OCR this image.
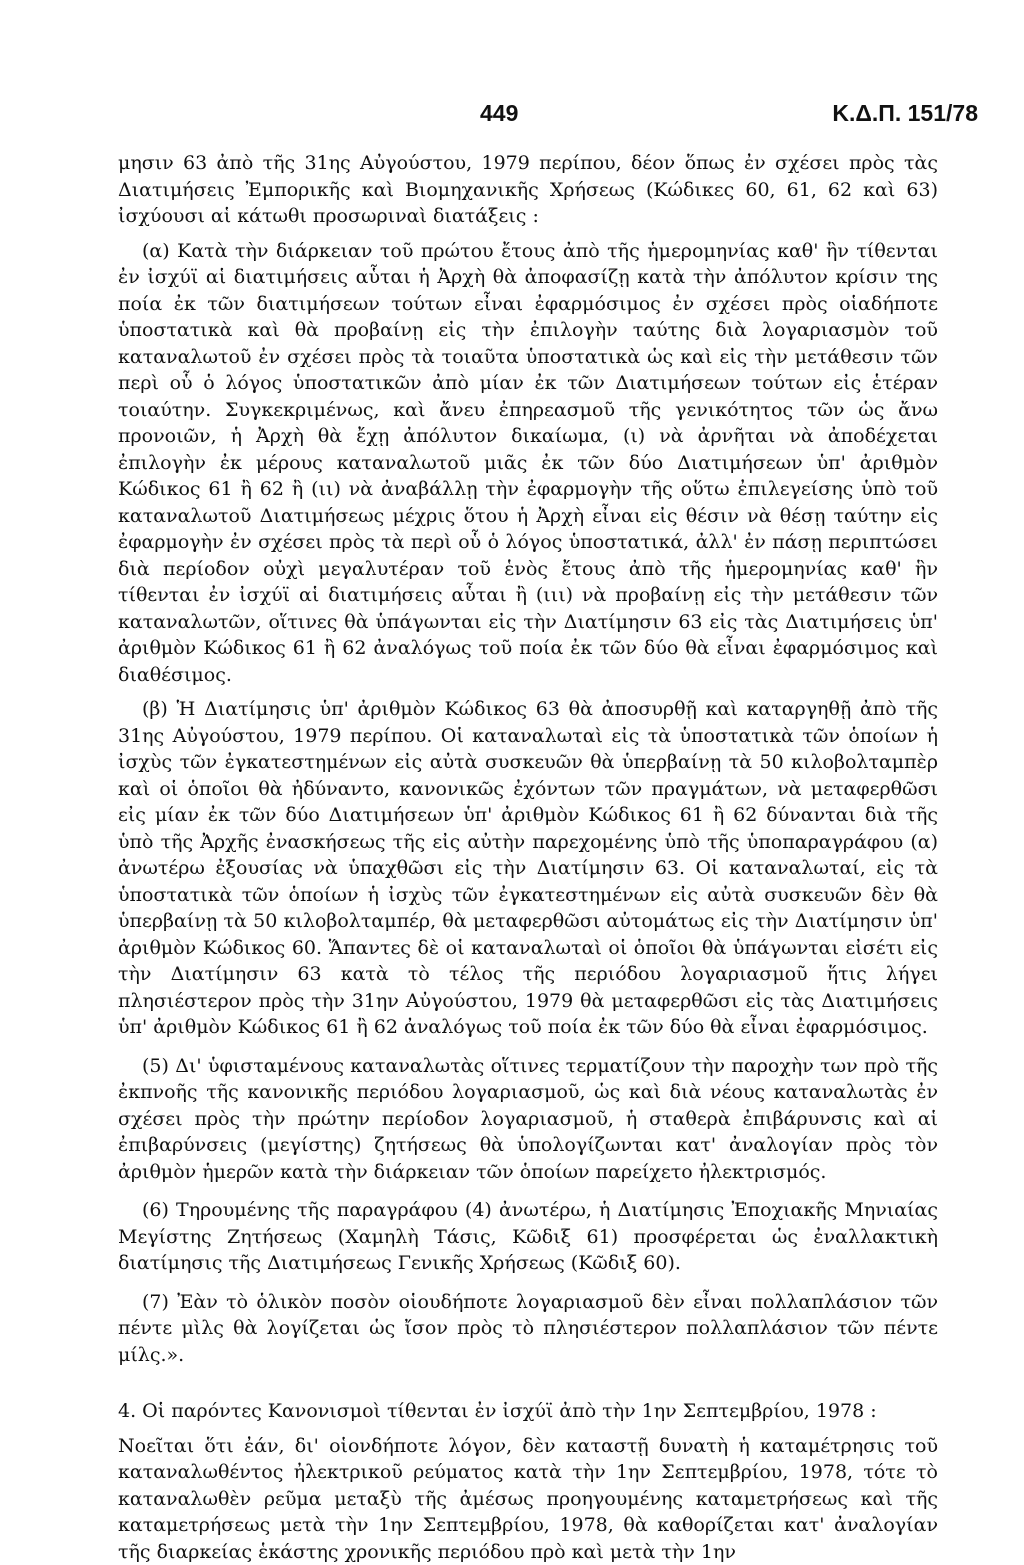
449	Κ.Δ.Π. 151/78

μησιν 63 ἀπὸ τῆς 31ης Αὐγούστου, 1979 περίπου, δέον ὅπως ἐν σχέσει πρὸς τὰς Διατιμήσεις Ἐμπορικῆς καὶ Βιομηχανικῆς Χρήσεως (Κώδικες 60, 61, 62 καὶ 63) ἰσχύουσι αἱ κάτωθι προσωριναὶ διατάξεις :

(α) Κατὰ τὴν διάρκειαν τοῦ πρώτου ἔτους ἀπὸ τῆς ἡμερομηνίας καθ' ἣν τίθενται ἐν ἰσχύϊ αἱ διατιμήσεις αὗται ἡ Ἀρχὴ θὰ ἀποφασίζῃ κατὰ τὴν ἀπόλυτον κρίσιν της ποία ἐκ τῶν διατιμήσεων τούτων εἶναι ἐφαρμόσιμος ἐν σχέσει πρὸς οἱαδήποτε ὑποστατικὰ καὶ θὰ προβαίνῃ εἰς τὴν ἐπιλογὴν ταύτης διὰ λογαριασμὸν τοῦ καταναλωτοῦ ἐν σχέσει πρὸς τὰ τοιαῦτα ὑποστατικὰ ὡς καὶ εἰς τὴν μετάθεσιν τῶν περὶ οὗ ὁ λόγος ὑποστατικῶν ἀπὸ μίαν ἐκ τῶν Διατιμήσεων τούτων εἰς ἑτέραν τοιαύτην. Συγκεκριμένως, καὶ ἄνευ ἐπηρεασμοῦ τῆς γενικότητος τῶν ὡς ἄνω προνοιῶν, ἡ Ἀρχὴ θὰ ἔχῃ ἀπόλυτον δικαίωμα, (ι) νὰ ἀρνῆται νὰ ἀποδέχεται ἐπιλογὴν ἐκ μέρους καταναλωτοῦ μιᾶς ἐκ τῶν δύο Διατιμήσεων ὑπ' ἀριθμὸν Κώδικος 61 ἢ 62 ἢ (ιι) νὰ ἀναβάλλῃ τὴν ἐφαρμογὴν τῆς οὕτω ἐπιλεγείσης ὑπὸ τοῦ καταναλωτοῦ Διατιμήσεως μέχρις ὅτου ἡ Ἀρχὴ εἶναι εἰς θέσιν νὰ θέσῃ ταύτην εἰς ἐφαρμογὴν ἐν σχέσει πρὸς τὰ περὶ οὗ ὁ λόγος ὑποστατικά, ἀλλ' ἐν πάσῃ περιπτώσει διὰ περίοδον οὐχὶ μεγαλυτέραν τοῦ ἑνὸς ἔτους ἀπὸ τῆς ἡμερομηνίας καθ' ἣν τίθενται ἐν ἰσχύϊ αἱ διατιμήσεις αὗται ἢ (ιιι) νὰ προβαίνῃ εἰς τὴν μετάθεσιν τῶν καταναλωτῶν, οἵτινες θὰ ὑπάγωνται εἰς τὴν Διατίμησιν 63 εἰς τὰς Διατιμήσεις ὑπ' ἀριθμὸν Κώδικος 61 ἢ 62 ἀναλόγως τοῦ ποία ἐκ τῶν δύο θὰ εἶναι ἐφαρμόσιμος καὶ διαθέσιμος.

(β) Ἡ Διατίμησις ὑπ' ἀριθμὸν Κώδικος 63 θὰ ἀποσυρθῇ καὶ καταργηθῇ ἀπὸ τῆς 31ης Αὐγούστου, 1979 περίπου. Οἱ καταναλωταὶ εἰς τὰ ὑποστατικὰ τῶν ὁποίων ἡ ἰσχὺς τῶν ἐγκατεστημένων εἰς αὐτὰ συσκευῶν θὰ ὑπερβαίνῃ τὰ 50 κιλοβολταμπὲρ καὶ οἱ ὁποῖοι θὰ ἠδύναντο, κανονικῶς ἐχόντων τῶν πραγμάτων, νὰ μεταφερθῶσι εἰς μίαν ἐκ τῶν δύο Διατιμήσεων ὑπ' ἀριθμὸν Κώδικος 61 ἢ 62 δύνανται διὰ τῆς ὑπὸ τῆς Ἀρχῆς ἐνασκήσεως τῆς εἰς αὐτὴν παρεχομένης ὑπὸ τῆς ὑποπαραγράφου (α) ἀνωτέρω ἐξουσίας νὰ ὑπαχθῶσι εἰς τὴν Διατίμησιν 63. Οἱ καταναλωταί, εἰς τὰ ὑποστατικὰ τῶν ὁποίων ἡ ἰσχὺς τῶν ἐγκατεστημένων εἰς αὐτὰ συσκευῶν δὲν θὰ ὑπερβαίνῃ τὰ 50 κιλοβολταμπέρ, θὰ μεταφερθῶσι αὐτομάτως εἰς τὴν Διατίμησιν ὑπ' ἀριθμὸν Κώδικος 60. Ἅπαντες δὲ οἱ καταναλωταὶ οἱ ὁποῖοι θὰ ὑπάγωνται εἰσέτι εἰς τὴν Διατίμησιν 63 κατὰ τὸ τέλος τῆς περιόδου λογαριασμοῦ ἥτις λήγει πλησιέστερον πρὸς τὴν 31ην Αὐγούστου, 1979 θὰ μεταφερθῶσι εἰς τὰς Διατιμήσεις ὑπ' ἀριθμὸν Κώδικος 61 ἢ 62 ἀναλόγως τοῦ ποία ἐκ τῶν δύο θὰ εἶναι ἐφαρμόσιμος.

(5) Δι' ὑφισταμένους καταναλωτὰς οἵτινες τερματίζουν τὴν παροχὴν των πρὸ τῆς ἐκπνοῆς τῆς κανονικῆς περιόδου λογαριασμοῦ, ὡς καὶ διὰ νέους καταναλωτὰς ἐν σχέσει πρὸς τὴν πρώτην περίοδον λογαριασμοῦ, ἡ σταθερὰ ἐπιβάρυνσις καὶ αἱ ἐπιβαρύνσεις (μεγίστης) ζητήσεως θὰ ὑπολογίζωνται κατ' ἀναλογίαν πρὸς τὸν ἀριθμὸν ἡμερῶν κατὰ τὴν διάρκειαν τῶν ὁποίων παρείχετο ἠλεκτρισμός.

(6) Τηρουμένης τῆς παραγράφου (4) ἀνωτέρω, ἡ Διατίμησις Ἐποχιακῆς Μηνιαίας Μεγίστης Ζητήσεως (Χαμηλὴ Τάσις, Κῶδιξ 61) προσφέρεται ὡς ἐναλλακτικὴ διατίμησις τῆς Διατιμήσεως Γενικῆς Χρήσεως (Κῶδιξ 60).

(7) Ἐὰν τὸ ὁλικὸν ποσὸν οἱουδήποτε λογαριασμοῦ δὲν εἶναι πολλαπλάσιον τῶν πέντε μὶλς θὰ λογίζεται ὡς ἴσον πρὸς τὸ πλησιέστερον πολλαπλάσιον τῶν πέντε μίλς.».

4. Οἱ παρόντες Κανονισμοὶ τίθενται ἐν ἰσχύϊ ἀπὸ τὴν 1ην Σεπτεμβρίου, 1978 :

Νοεῖται ὅτι ἐάν, δι' οἱονδήποτε λόγον, δὲν καταστῇ δυνατὴ ἡ καταμέτρησις τοῦ καταναλωθέντος ἠλεκτρικοῦ ρεύματος κατὰ τὴν 1ην Σεπτεμβρίου, 1978, τότε τὸ καταναλωθὲν ρεῦμα μεταξὺ τῆς ἀμέσως προηγουμένης καταμετρήσεως καὶ τῆς καταμετρήσεως μετὰ τὴν 1ην Σεπτεμβρίου, 1978, θὰ καθορίζεται κατ' ἀναλογίαν τῆς διαρκείας ἑκάστης χρονικῆς περιόδου πρὸ καὶ μετὰ τὴν 1ην
